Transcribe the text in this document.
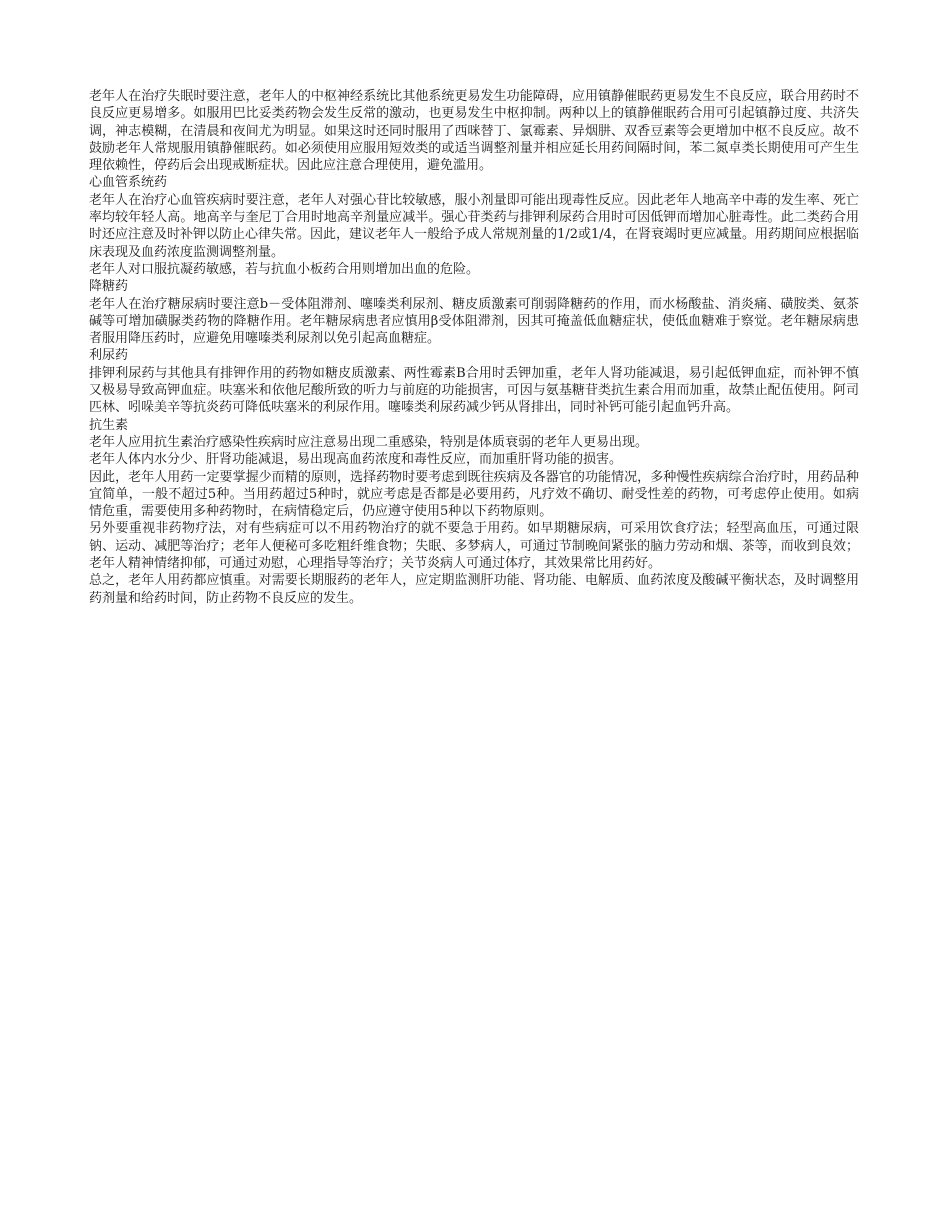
老年人在治疗失眠时要注意，老年人的中枢神经系统比其他系统更易发生功能障碍，应用镇静催眠药更易发生不良反应，联合用药时不良反应更易增多。如服用巴比妥类药物会发生反常的激动，也更易发生中枢抑制。两种以上的镇静催眠药合用可引起镇静过度、共济失调，神志模糊，在清晨和夜间尤为明显。如果这时还同时服用了西咪替丁、氯霉素、异烟肼、双香豆素等会更增加中枢不良反应。故不鼓励老年人常规服用镇静催眠药。如必须使用应服用短效类的或适当调整剂量并相应延长用药间隔时间，苯二氮卓类长期使用可产生生理依赖性，停药后会出现戒断症状。因此应注意合理使用，避免滥用。

心血管系统药

老年人在治疗心血管疾病时要注意，老年人对强心苷比较敏感，服小剂量即可能出现毒性反应。因此老年人地高辛中毒的发生率、死亡率均较年轻人高。地高辛与奎尼丁合用时地高辛剂量应减半。强心苷类药与排钾利尿药合用时可因低钾而增加心脏毒性。此二类药合用时还应注意及时补钾以防止心律失常。因此，建议老年人一般给予成人常规剂量的1/2或1/4，在肾衰竭时更应减量。用药期间应根据临床表现及血药浓度监测调整剂量。

老年人对口服抗凝药敏感，若与抗血小板药合用则增加出血的危险。

降糖药

老年人在治疗糖尿病时要注意b－受体阻滞剂、噻嗪类利尿剂、糖皮质激素可削弱降糖药的作用，而水杨酸盐、消炎痛、磺胺类、氨茶碱等可增加磺脲类药物的降糖作用。老年糖尿病患者应慎用β受体阻滞剂，因其可掩盖低血糖症状，使低血糖难于察觉。老年糖尿病患者服用降压药时，应避免用噻嗪类利尿剂以免引起高血糖症。

利尿药

排钾利尿药与其他具有排钾作用的药物如糖皮质激素、两性霉素B合用时丢钾加重，老年人肾功能减退，易引起低钾血症，而补钾不慎又极易导致高钾血症。呋塞米和依他尼酸所致的听力与前庭的功能损害，可因与氨基糖苷类抗生素合用而加重，故禁止配伍使用。阿司匹林、吲哚美辛等抗炎药可降低呋塞米的利尿作用。噻嗪类利尿药减少钙从肾排出，同时补钙可能引起血钙升高。

抗生素

老年人应用抗生素治疗感染性疾病时应注意易出现二重感染，特别是体质衰弱的老年人更易出现。

老年人体内水分少、肝肾功能减退，易出现高血药浓度和毒性反应，而加重肝肾功能的损害。

因此，老年人用药一定要掌握少而精的原则，选择药物时要考虑到既往疾病及各器官的功能情况，多种慢性疾病综合治疗时，用药品种宜简单，一般不超过5种。当用药超过5种时，就应考虑是否都是必要用药，凡疗效不确切、耐受性差的药物，可考虑停止使用。如病情危重，需要使用多种药物时，在病情稳定后，仍应遵守使用5种以下药物原则。

另外要重视非药物疗法，对有些病症可以不用药物治疗的就不要急于用药。如早期糖尿病，可采用饮食疗法；轻型高血压，可通过限钠、运动、减肥等治疗；老年人便秘可多吃粗纤维食物；失眠、多梦病人，可通过节制晚间紧张的脑力劳动和烟、茶等，而收到良效；老年人精神情绪抑郁，可通过劝慰，心理指导等治疗；关节炎病人可通过体疗，其效果常比用药好。

总之，老年人用药都应慎重。对需要长期服药的老年人，应定期监测肝功能、肾功能、电解质、血药浓度及酸碱平衡状态，及时调整用药剂量和给药时间，防止药物不良反应的发生。
